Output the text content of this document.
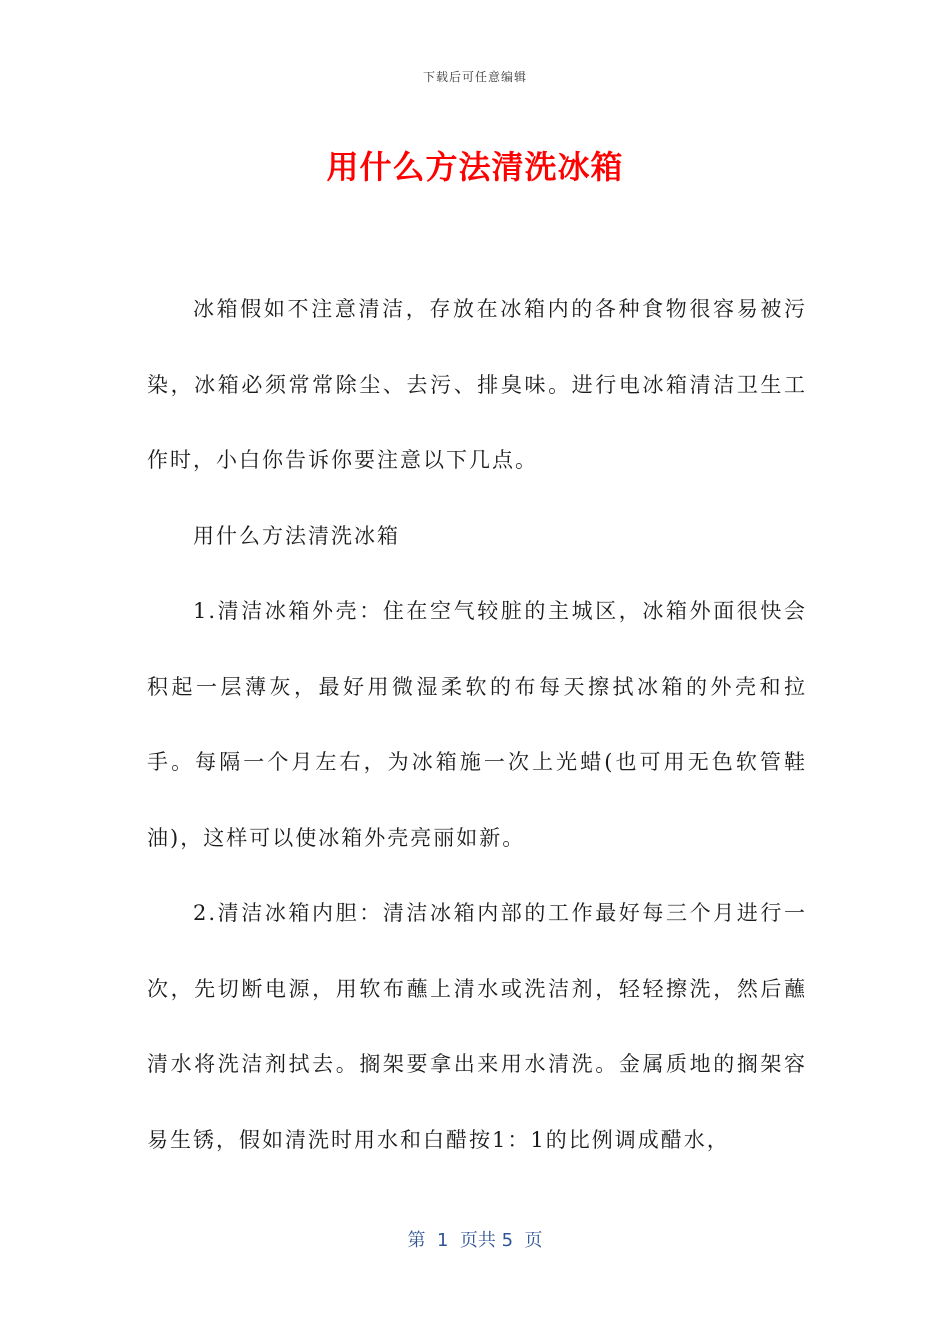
下载后可任意编辑
用什么方法清洗冰箱

冰箱假如不注意清洁，存放在冰箱内的各种食物很容易被污染，冰箱必须常常除尘、去污、排臭味。进行电冰箱清洁卫生工作时，小白你告诉你要注意以下几点。

用什么方法清洗冰箱

1.清洁冰箱外壳：住在空气较脏的主城区，冰箱外面很快会积起一层薄灰，最好用微湿柔软的布每天擦拭冰箱的外壳和拉手。每隔一个月左右，为冰箱施一次上光蜡(也可用无色软管鞋油)，这样可以使冰箱外壳亮丽如新。

2.清洁冰箱内胆：清洁冰箱内部的工作最好每三个月进行一次，先切断电源，用软布蘸上清水或洗洁剂，轻轻擦洗，然后蘸清水将洗洁剂拭去。搁架要拿出来用水清洗。金属质地的搁架容易生锈，假如清洗时用水和白醋按1：1的比例调成醋水，

第  1  页共 5  页
